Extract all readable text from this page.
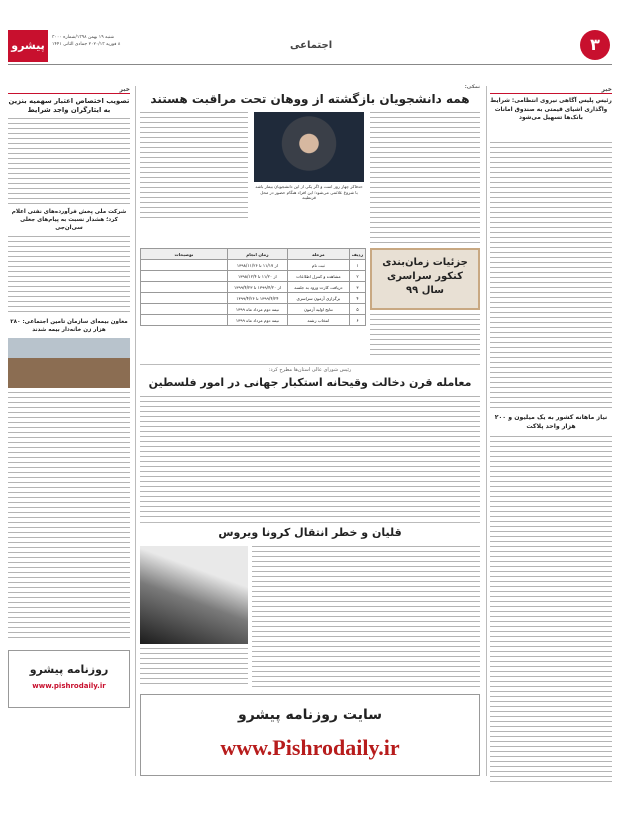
۳
اجتماعی
پیشرو
شنبه ۱۹ بهمن ۱۳۹۸/شماره ۳۰۰۰
۸ فوریه ۲۰۲۰/۱۳ جمادی الثانی ۱۴۴۱
خبر
تصویب اختصاص اعتبار سهمیه بنزین به ایثارگران واجد شرایط
شرکت ملی پخش فرآورده‌های نفتی اعلام کرد؛ هشدار نسبت به پیام‌های جعلی سی‌ان‌جی
معاون بیمه‌ای سازمان تامین اجتماعی: ۲۸۰ هزار زن خانه‌دار بیمه شدند
روزنامه پیشرو
www.pishrodaily.ir
خبر
رئیس پلیس آگاهی نیروی انتظامی: شرایط واگذاری اشیای قیمتی به صندوق امانات بانک‌ها تسهیل می‌شود
نیاز ماهانه کشور به یک میلیون و ۲۰۰ هزار واحد پلاکت
نمکی:
همه دانشجویان بازگشته از ووهان تحت مراقبت هستند
حدفاکر چهار روز است و اگر یکی از این دانشجویان بیمار باشد با شروع علائمی می‌شود؛ این افراد هنگام حضور در محل قرنطینه
جزئیات زمان‌بندی کنکور سراسری سال ۹۹
ردیف	مرحله	زمان انجام	توضیحات
۱	ثبت نام	از ۱۱/۱۷ تا ۱۳۹۸/۱۱/۲۶	
۲	مشاهده و کنترل اطلاعات	از ۱۱/۲۰ تا ۱۳۹۸/۱۲/۴	
۳	دریافت کارت ورود به جلسه	از ۱۳۹۹/۴/۲۰ تا ۱۳۹۹/۴/۲۳	
۴	برگزاری آزمون سراسری	۱۳۹۹/۴/۲۴ تا ۱۳۹۹/۴/۲۶	
۵	نتایج اولیه آزمون	نیمه دوم مرداد ماه ۱۳۹۹	
۶	انتخاب رشته	نیمه دوم مرداد ماه ۱۳۹۹	
رئیس شورای عالی استان‌ها مطرح کرد:
معامله قرن دخالت وقیحانه استکبار جهانی در امور فلسطین
قلیان و خطر انتقال کرونا ویروس
سایت روزنامه پیشرو
www.Pishrodaily.ir
